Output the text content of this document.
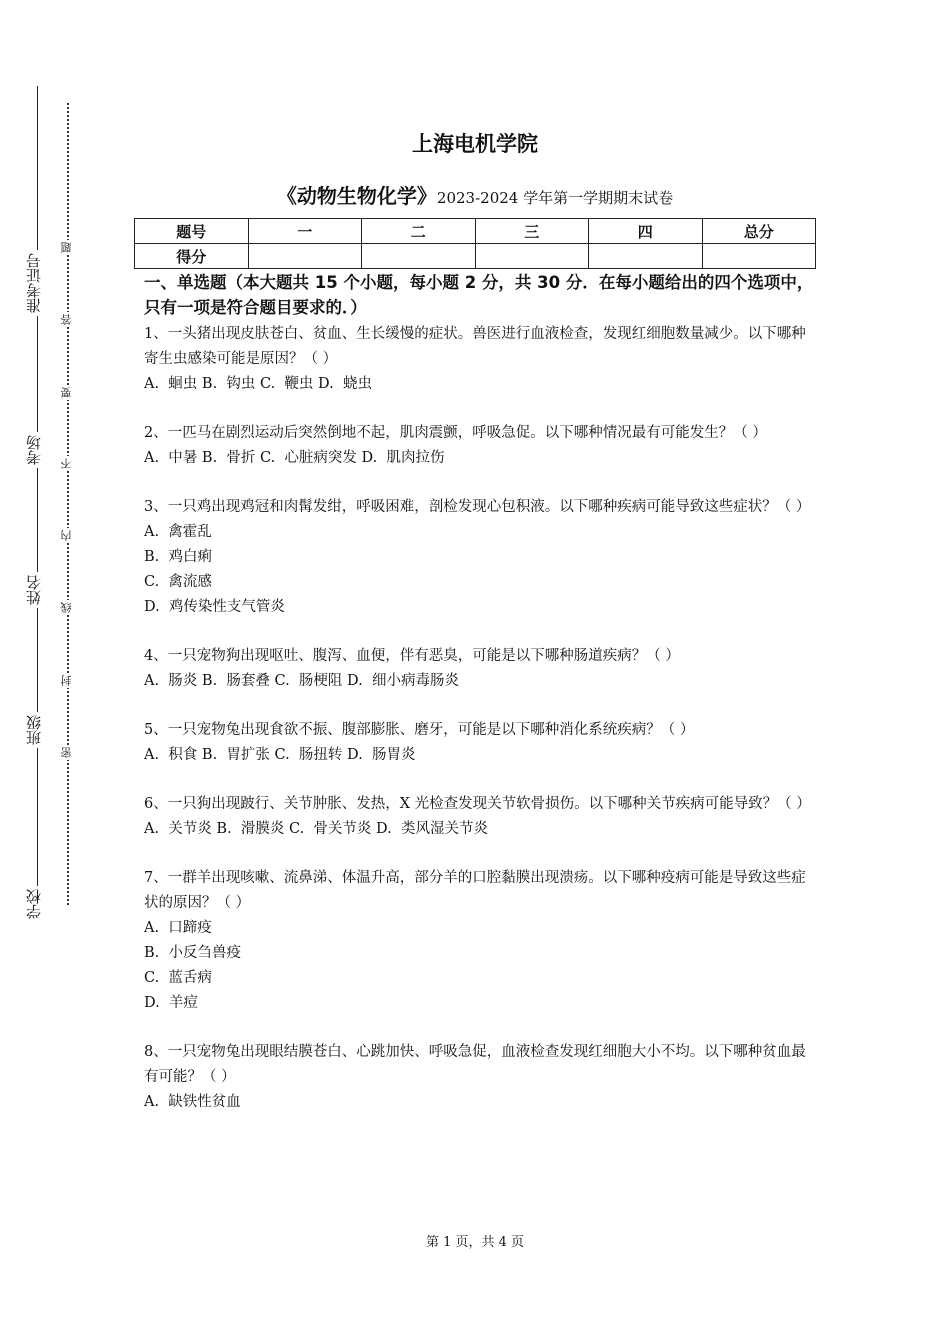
准考证号
考场
姓名
班级
学校
题
答
要
不
内
线
封
密
上海电机学院
《动物生物化学》2023-2024 学年第一学期期末试卷
题号	一	二	三	四	总分
得分					

一、单选题（本大题共 15 个小题，每小题 2 分，共 30 分．在每小题给出的四个选项中，只有一项是符合题目要求的．）

1、一头猪出现皮肤苍白、贫血、生长缓慢的症状。兽医进行血液检查，发现红细胞数量减少。以下哪种寄生虫感染可能是原因？（ ）

A.  蛔虫 B.  钩虫 C.  鞭虫 D.  蛲虫

2、一匹马在剧烈运动后突然倒地不起，肌肉震颤，呼吸急促。以下哪种情况最有可能发生？（ ）

A.  中暑 B.  骨折 C.  心脏病突发 D.  肌肉拉伤

3、一只鸡出现鸡冠和肉髯发绀，呼吸困难，剖检发现心包积液。以下哪种疾病可能导致这些症状？（ ）

A.  禽霍乱

B.  鸡白痢

C.  禽流感

D.  鸡传染性支气管炎

4、一只宠物狗出现呕吐、腹泻、血便，伴有恶臭，可能是以下哪种肠道疾病？（ ）

A.  肠炎 B.  肠套叠 C.  肠梗阻 D.  细小病毒肠炎

5、一只宠物兔出现食欲不振、腹部膨胀、磨牙，可能是以下哪种消化系统疾病？（ ）

A.  积食 B.  胃扩张 C.  肠扭转 D.  肠胃炎

6、一只狗出现跛行、关节肿胀、发热，X 光检查发现关节软骨损伤。以下哪种关节疾病可能导致？（ ）

A.  关节炎 B.  滑膜炎 C.  骨关节炎 D.  类风湿关节炎

7、一群羊出现咳嗽、流鼻涕、体温升高，部分羊的口腔黏膜出现溃疡。以下哪种疫病可能是导致这些症状的原因？（ ）

A.  口蹄疫

B.  小反刍兽疫

C.  蓝舌病

D.  羊痘

8、一只宠物兔出现眼结膜苍白、心跳加快、呼吸急促，血液检查发现红细胞大小不均。以下哪种贫血最有可能？（ ）

A.  缺铁性贫血

第 1 页，共 4 页
